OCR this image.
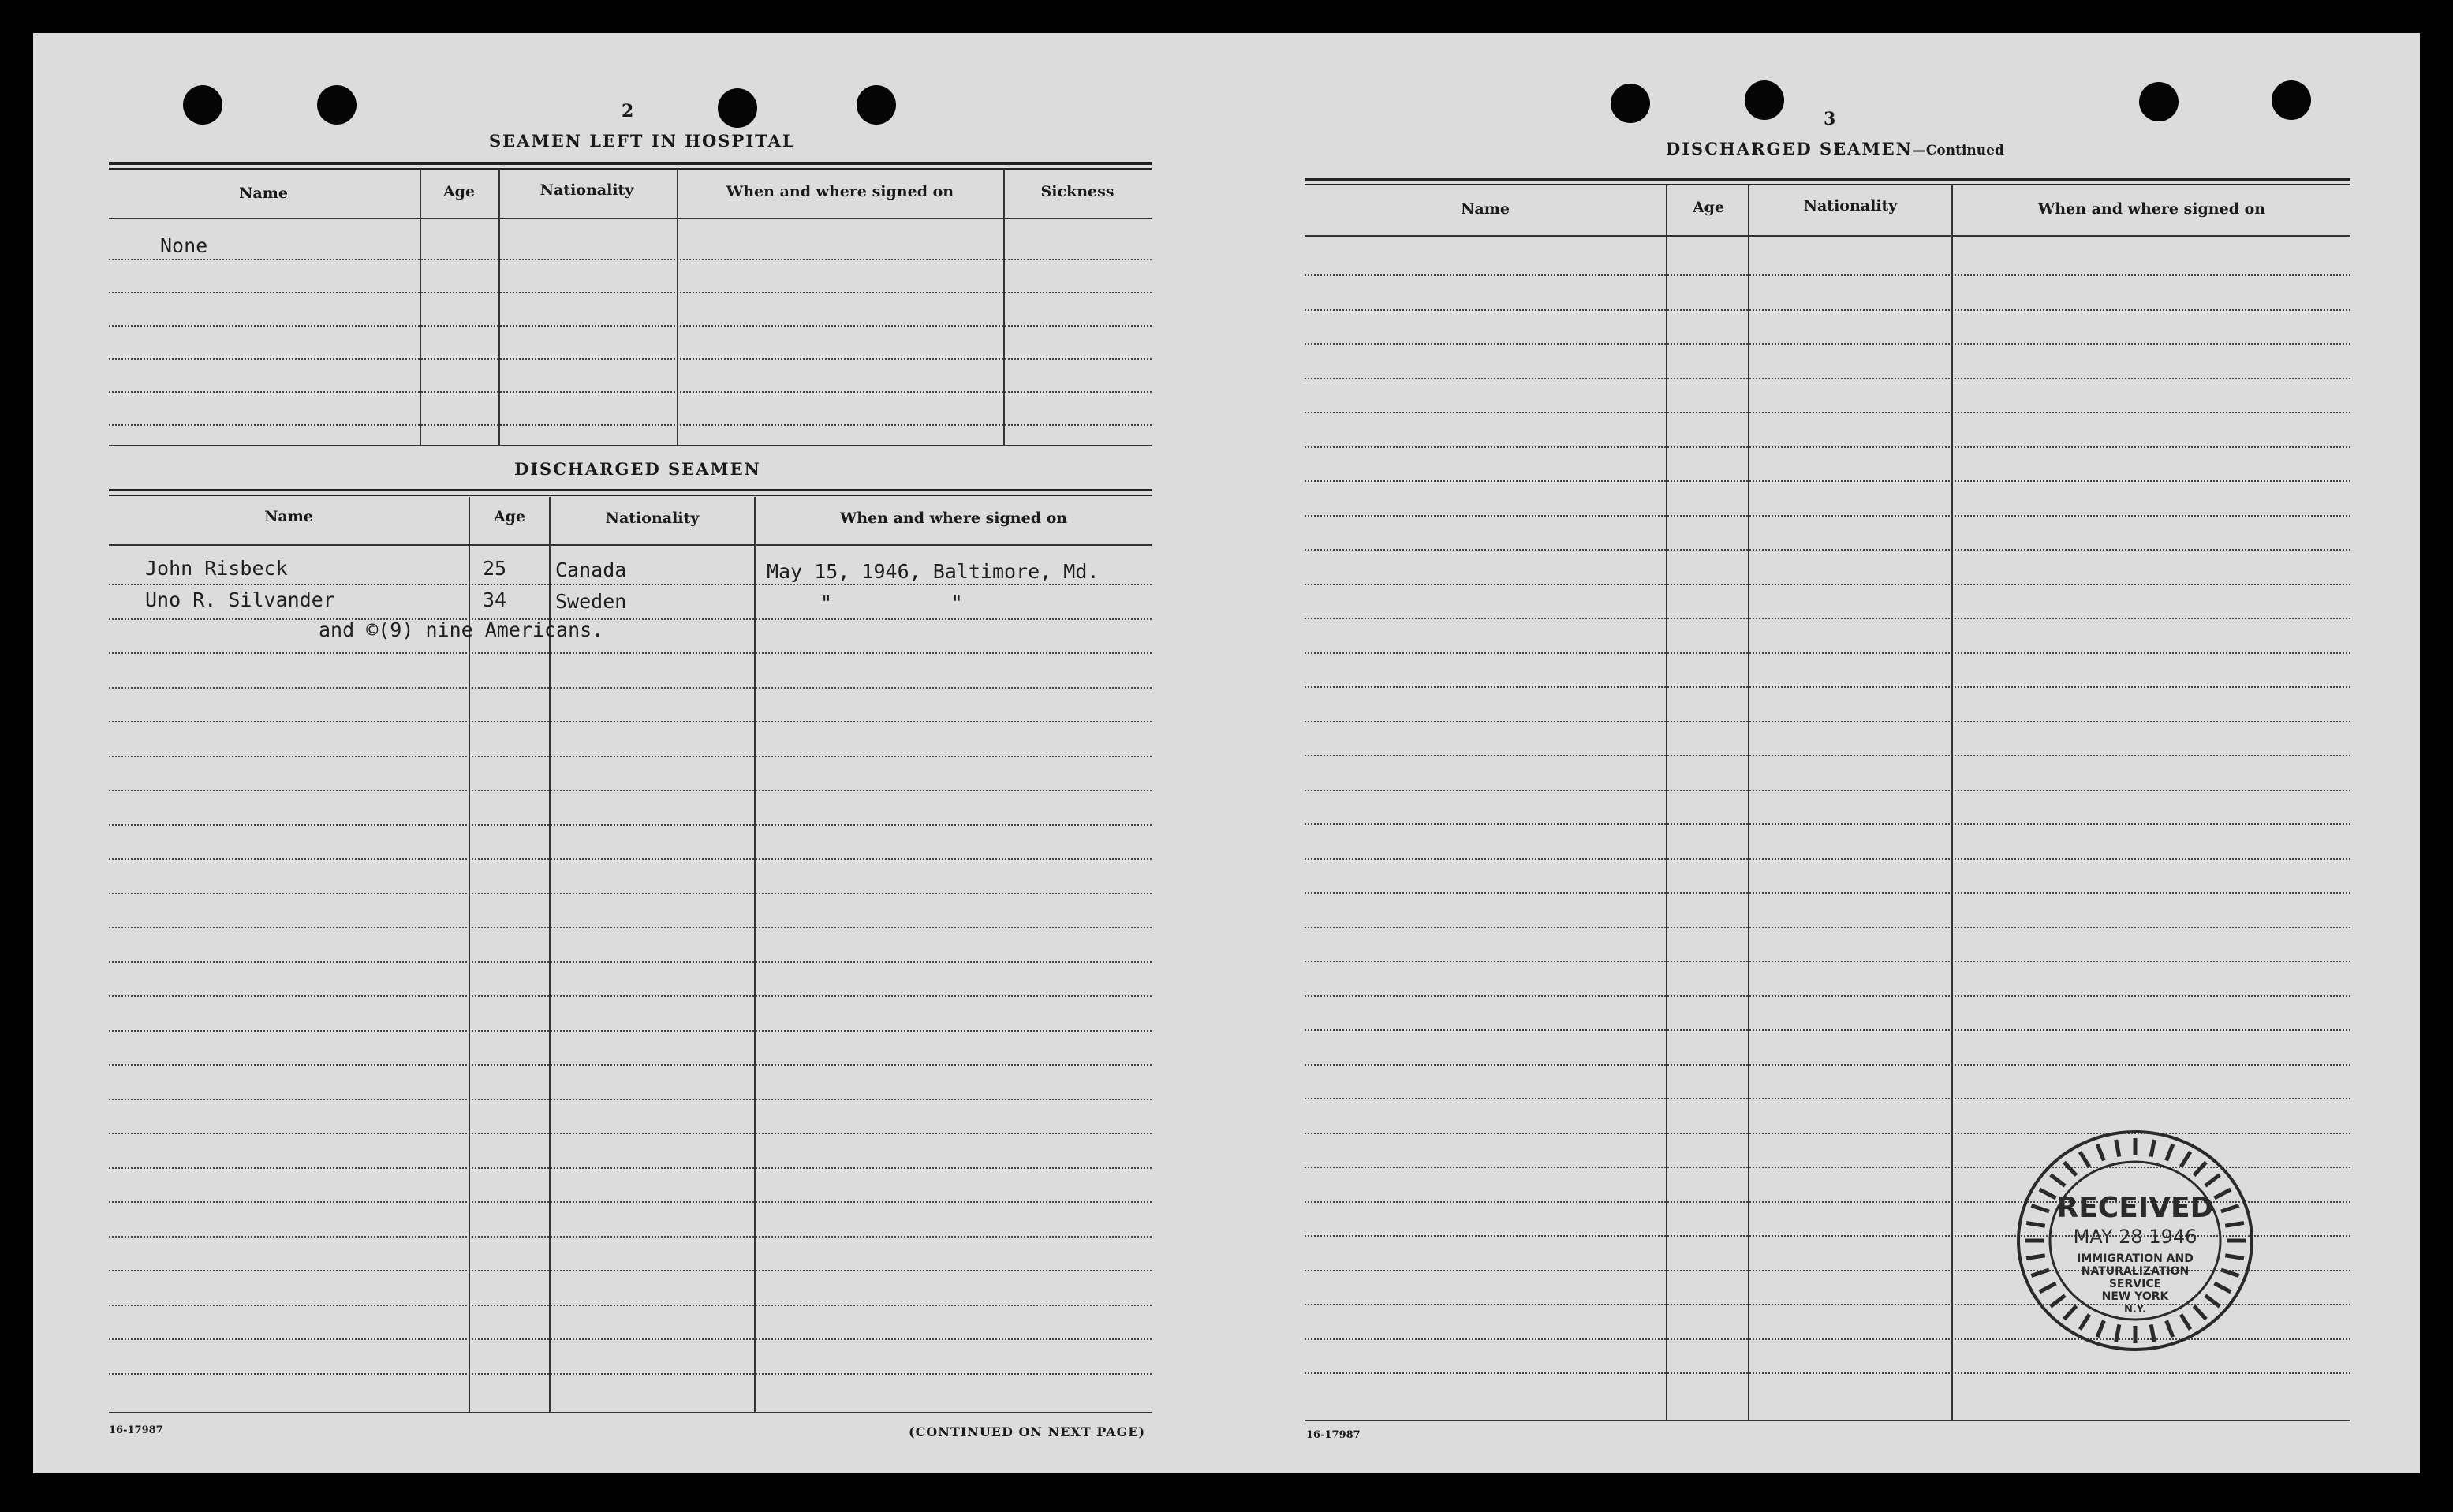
2
SEAMEN LEFT IN HOSPITAL
Name	Age	Nationality	When and where signed on	Sickness
None
DISCHARGED SEAMEN
Name	Age	Nationality	When and where signed on
John Risbeck	25 Canada	May 15, 1946, Baltimore, Md.
Uno R. Silvander	34 Sweden	"          "
and ©(9) nine Americans.
16-17987	(CONTINUED ON NEXT PAGE)
3
DISCHARGED SEAMEN—Continued
Name	Age	Nationality	When and where signed on
16-17987
RECEIVED
MAY 28 1946
IMMIGRATION AND
NATURALIZATION
SERVICE
NEW YORK
N.Y.
